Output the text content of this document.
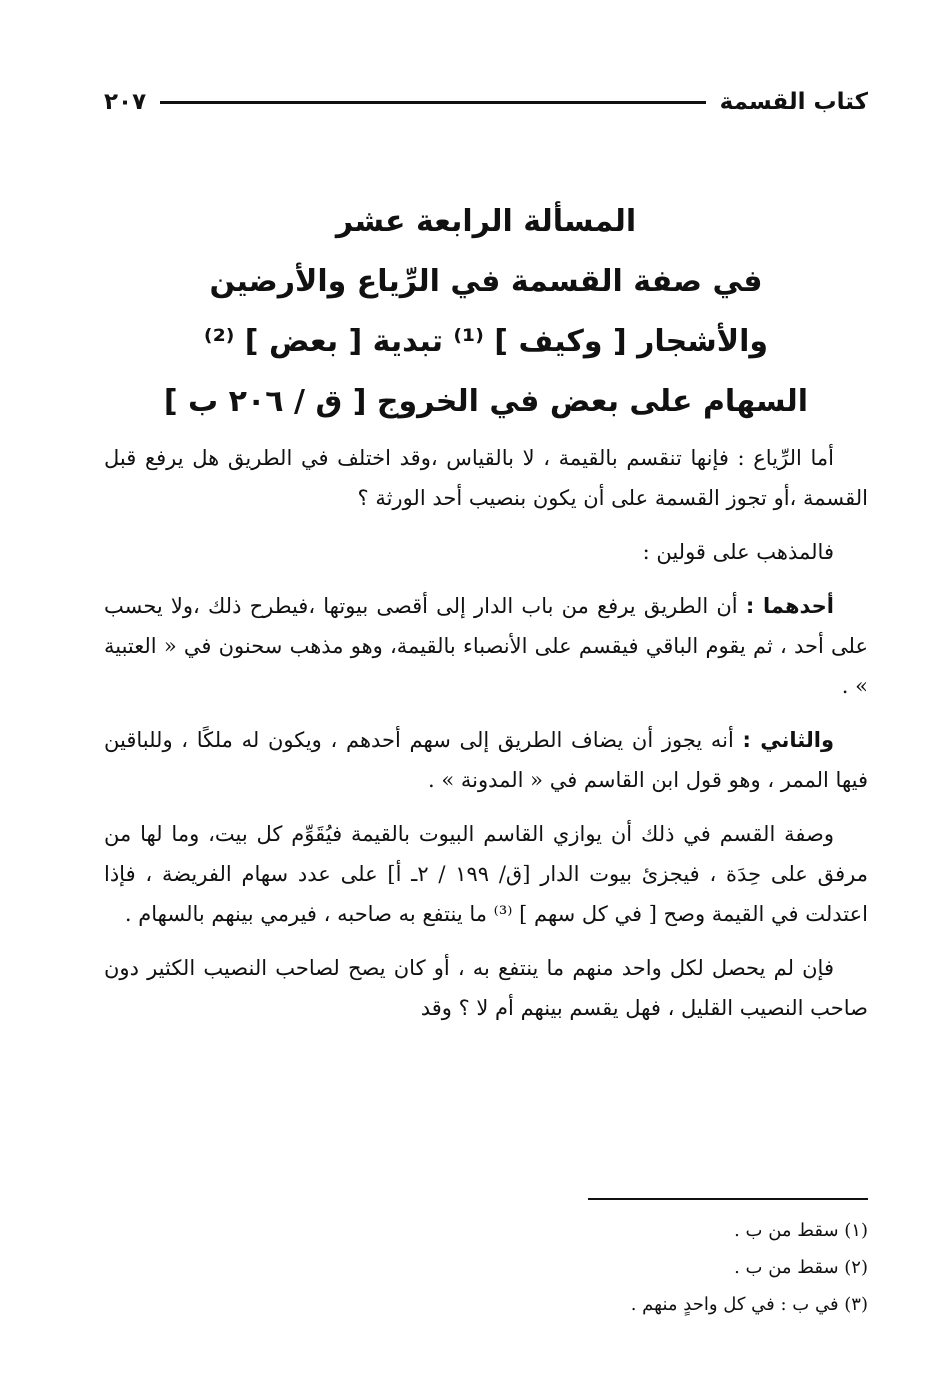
كتاب القسمة
٢٠٧
المسألة الرابعة عشر
في صفة القسمة في الرِّياع والأرضين
والأشجار [ وكيف ] ⁽¹⁾ تبدية [ بعض ] ⁽²⁾
السهام على بعض في الخروج [ ق / ٢٠٦ ب ]

أما الرِّياع : فإنها تنقسم بالقيمة ، لا بالقياس ،وقد اختلف في الطريق هل يرفع قبل القسمة ،أو تجوز القسمة على أن يكون بنصيب أحد الورثة ؟

فالمذهب على قولين :

أحدهما : أن الطريق يرفع من باب الدار إلى أقصى بيوتها ،فيطرح ذلك ،ولا يحسب على أحد ، ثم يقوم الباقي فيقسم على الأنصباء بالقيمة، وهو مذهب سحنون في « العتبية » .

والثاني : أنه يجوز أن يضاف الطريق إلى سهم أحدهم ، ويكون له ملكًا ، وللباقين فيها الممر ، وهو قول ابن القاسم في « المدونة » .

وصفة القسم في ذلك أن يوازي القاسم البيوت بالقيمة فيُقَوِّم كل بيت، وما لها من مرفق على حِدَة ، فيجزئ بيوت الدار [ق/ ١٩٩ / ٢ـ أ] على عدد سهام الفريضة ، فإذا اعتدلت في القيمة وصح [ في كل سهم ] ⁽³⁾ ما ينتفع به صاحبه ، فيرمي بينهم بالسهام .

فإن لم يحصل لكل واحد منهم ما ينتفع به ، أو كان يصح لصاحب النصيب الكثير دون صاحب النصيب القليل ، فهل يقسم بينهم أم لا ؟ وقد

(١) سقط من ب .
(٢) سقط من ب .
(٣) في ب : في كل واحدٍ منهم .
